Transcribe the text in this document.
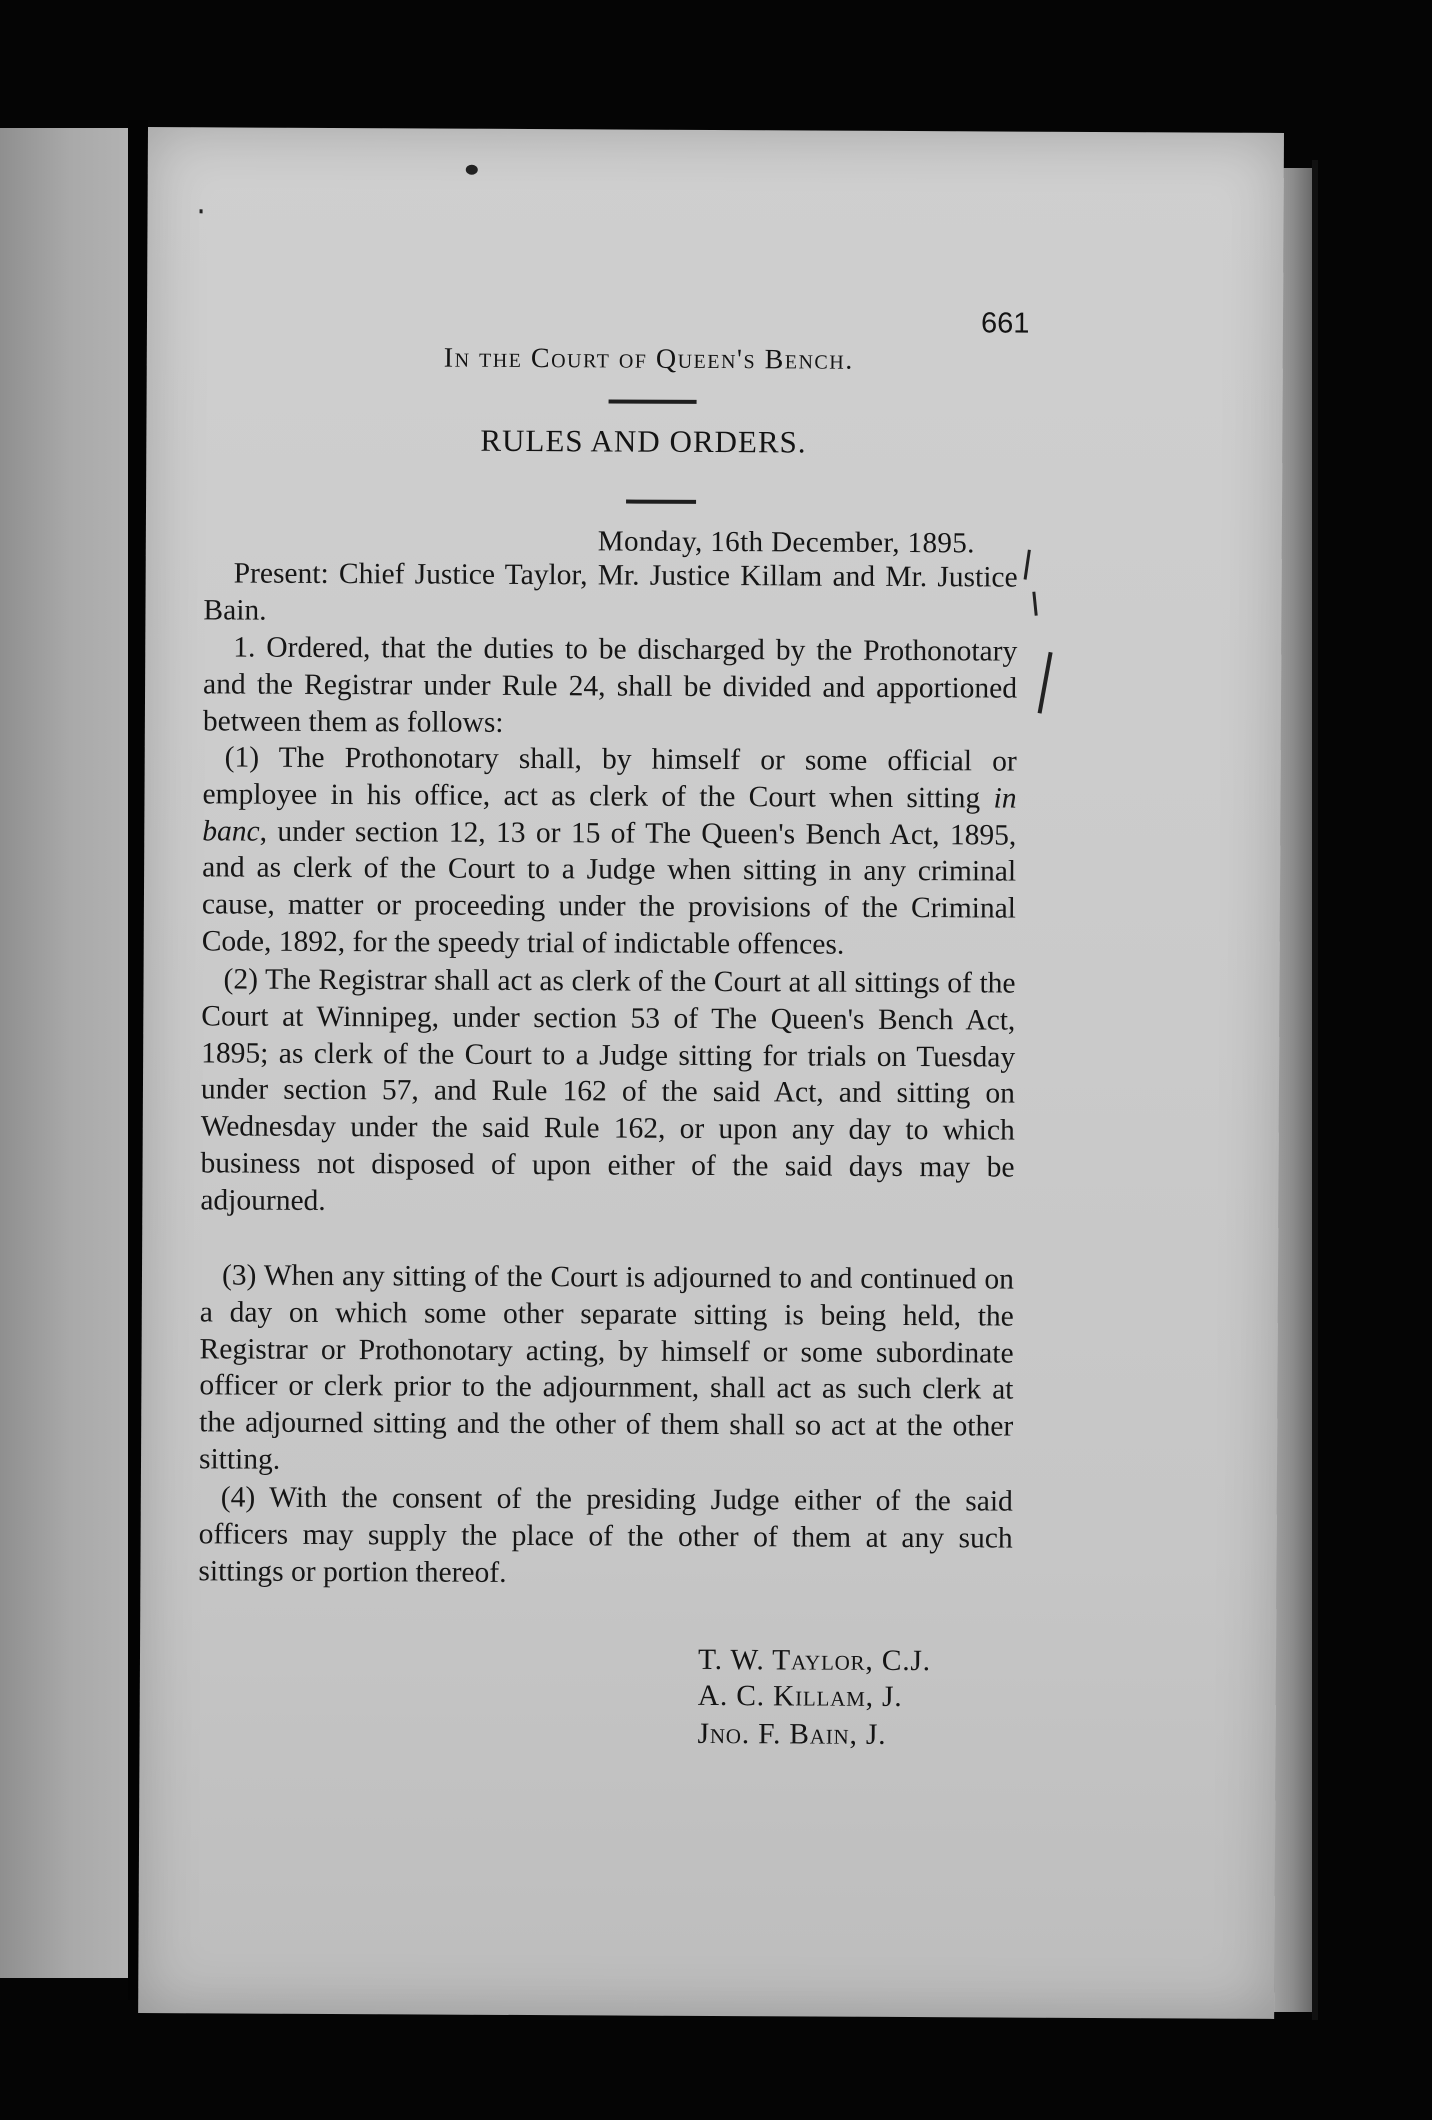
661
In the Court of Queen's Bench.
RULES AND ORDERS.
Monday, 16th December, 1895.
Present: Chief Justice Taylor, Mr. Justice Killam and Mr. Justice Bain.
1. Ordered, that the duties to be discharged by the Prothonotary and the Registrar under Rule 24, shall be divided and apportioned between them as follows:
(1) The Prothonotary shall, by himself or some official or employee in his office, act as clerk of the Court when sitting in banc, under section 12, 13 or 15 of The Queen's Bench Act, 1895, and as clerk of the Court to a Judge when sitting in any criminal cause, matter or proceeding under the provisions of the Criminal Code, 1892, for the speedy trial of indictable offences.
(2) The Registrar shall act as clerk of the Court at all sittings of the Court at Winnipeg, under section 53 of The Queen's Bench Act, 1895; as clerk of the Court to a Judge sitting for trials on Tuesday under section 57, and Rule 162 of the said Act, and sitting on Wednesday under the said Rule 162, or upon any day to which business not disposed of upon either of the said days may be adjourned.
(3) When any sitting of the Court is adjourned to and continued on a day on which some other separate sitting is being held, the Registrar or Prothonotary acting, by himself or some subordinate officer or clerk prior to the adjournment, shall act as such clerk at the adjourned sitting and the other of them shall so act at the other sitting.
(4) With the consent of the presiding Judge either of the said officers may supply the place of the other of them at any such sittings or portion thereof.
T. W. Taylor, C.J.
A. C. Killam, J.
Jno. F. Bain, J.
